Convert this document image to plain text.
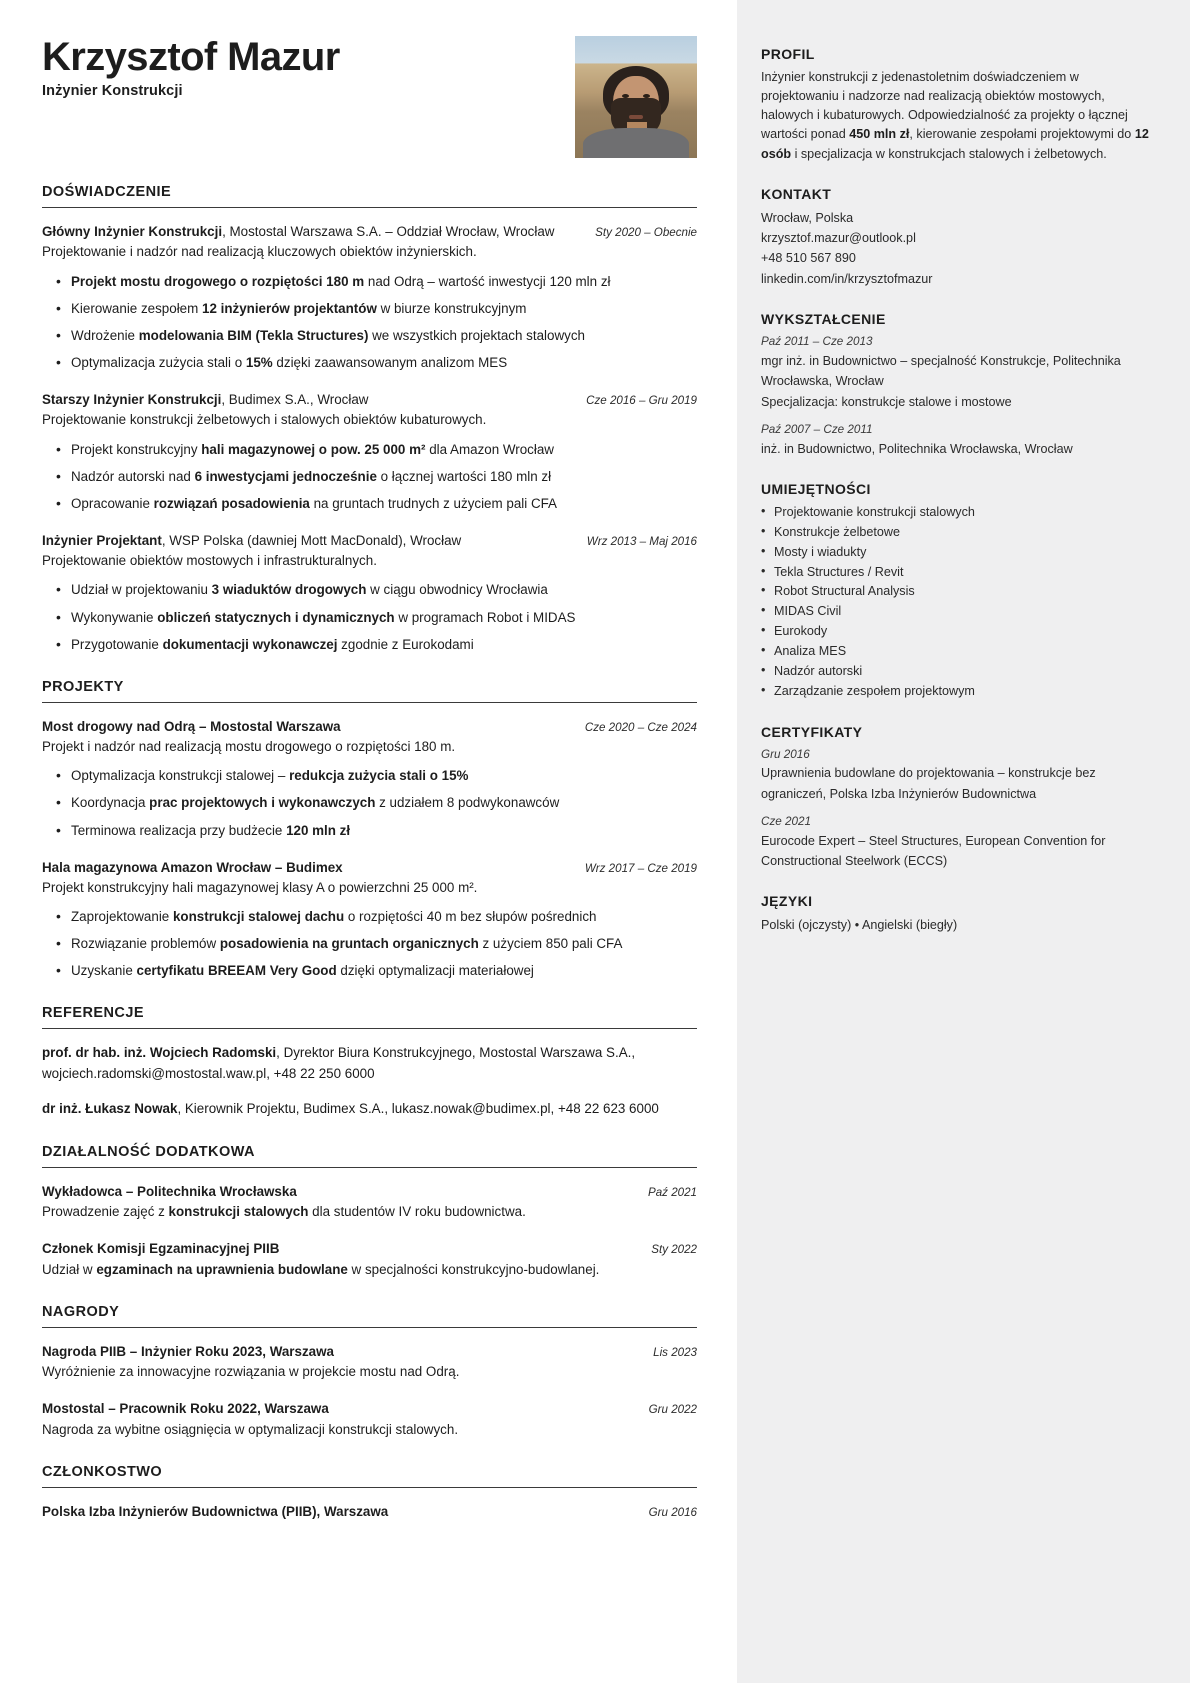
Krzysztof Mazur
Inżynier Konstrukcji
DOŚWIADCZENIE
Główny Inżynier Konstrukcji, Mostostal Warszawa S.A. – Oddział Wrocław, Wrocław	Sty 2020 – Obecnie
Projektowanie i nadzór nad realizacją kluczowych obiektów inżynierskich.
• Projekt mostu drogowego o rozpiętości 180 m nad Odrą – wartość inwestycji 120 mln zł
• Kierowanie zespołem 12 inżynierów projektantów w biurze konstrukcyjnym
• Wdrożenie modelowania BIM (Tekla Structures) we wszystkich projektach stalowych
• Optymalizacja zużycia stali o 15% dzięki zaawansowanym analizom MES
Starszy Inżynier Konstrukcji, Budimex S.A., Wrocław	Cze 2016 – Gru 2019
Projektowanie konstrukcji żelbetowych i stalowych obiektów kubaturowych.
• Projekt konstrukcyjny hali magazynowej o pow. 25 000 m² dla Amazon Wrocław
• Nadzór autorski nad 6 inwestycjami jednocześnie o łącznej wartości 180 mln zł
• Opracowanie rozwiązań posadowienia na gruntach trudnych z użyciem pali CFA
Inżynier Projektant, WSP Polska (dawniej Mott MacDonald), Wrocław	Wrz 2013 – Maj 2016
Projektowanie obiektów mostowych i infrastrukturalnych.
• Udział w projektowaniu 3 wiaduktów drogowych w ciągu obwodnicy Wrocławia
• Wykonywanie obliczeń statycznych i dynamicznych w programach Robot i MIDAS
• Przygotowanie dokumentacji wykonawczej zgodnie z Eurokodami
PROJEKTY
Most drogowy nad Odrą – Mostostal Warszawa	Cze 2020 – Cze 2024
Projekt i nadzór nad realizacją mostu drogowego o rozpiętości 180 m.
• Optymalizacja konstrukcji stalowej – redukcja zużycia stali o 15%
• Koordynacja prac projektowych i wykonawczych z udziałem 8 podwykonawców
• Terminowa realizacja przy budżecie 120 mln zł
Hala magazynowa Amazon Wrocław – Budimex	Wrz 2017 – Cze 2019
Projekt konstrukcyjny hali magazynowej klasy A o powierzchni 25 000 m².
• Zaprojektowanie konstrukcji stalowej dachu o rozpiętości 40 m bez słupów pośrednich
• Rozwiązanie problemów posadowienia na gruntach organicznych z użyciem 850 pali CFA
• Uzyskanie certyfikatu BREEAM Very Good dzięki optymalizacji materiałowej
REFERENCJE
prof. dr hab. inż. Wojciech Radomski, Dyrektor Biura Konstrukcyjnego, Mostostal Warszawa S.A., wojciech.radomski@mostostal.waw.pl, +48 22 250 6000
dr inż. Łukasz Nowak, Kierownik Projektu, Budimex S.A., lukasz.nowak@budimex.pl, +48 22 623 6000
DZIAŁALNOŚĆ DODATKOWA
Wykładowca – Politechnika Wrocławska	Paź 2021
Prowadzenie zajęć z konstrukcji stalowych dla studentów IV roku budownictwa.
Członek Komisji Egzaminacyjnej PIIB	Sty 2022
Udział w egzaminach na uprawnienia budowlane w specjalności konstrukcyjno-budowlanej.
NAGRODY
Nagroda PIIB – Inżynier Roku 2023, Warszawa	Lis 2023
Wyróżnienie za innowacyjne rozwiązania w projekcie mostu nad Odrą.
Mostostal – Pracownik Roku 2022, Warszawa	Gru 2022
Nagroda za wybitne osiągnięcia w optymalizacji konstrukcji stalowych.
CZŁONKOSTWO
Polska Izba Inżynierów Budownictwa (PIIB), Warszawa	Gru 2016
PROFIL
Inżynier konstrukcji z jedenastoletnim doświadczeniem w projektowaniu i nadzorze nad realizacją obiektów mostowych, halowych i kubaturowych. Odpowiedzialność za projekty o łącznej wartości ponad 450 mln zł, kierowanie zespołami projektowymi do 12 osób i specjalizacja w konstrukcjach stalowych i żelbetowych.
KONTAKT
Wrocław, Polska
krzysztof.mazur@outlook.pl
+48 510 567 890
linkedin.com/in/krzysztofmazur
WYKSZTAŁCENIE
Paź 2011 – Cze 2013
mgr inż. in Budownictwo – specjalność Konstrukcje, Politechnika Wrocławska, Wrocław
Specjalizacja: konstrukcje stalowe i mostowe
Paź 2007 – Cze 2011
inż. in Budownictwo, Politechnika Wrocławska, Wrocław
UMIEJĘTNOŚCI
• Projektowanie konstrukcji stalowych
• Konstrukcje żelbetowe
• Mosty i wiadukty
• Tekla Structures / Revit
• Robot Structural Analysis
• MIDAS Civil
• Eurokody
• Analiza MES
• Nadzór autorski
• Zarządzanie zespołem projektowym
CERTYFIKATY
Gru 2016
Uprawnienia budowlane do projektowania – konstrukcje bez ograniczeń, Polska Izba Inżynierów Budownictwa
Cze 2021
Eurocode Expert – Steel Structures, European Convention for Constructional Steelwork (ECCS)
JĘZYKI
Polski (ojczysty) • Angielski (biegły)
